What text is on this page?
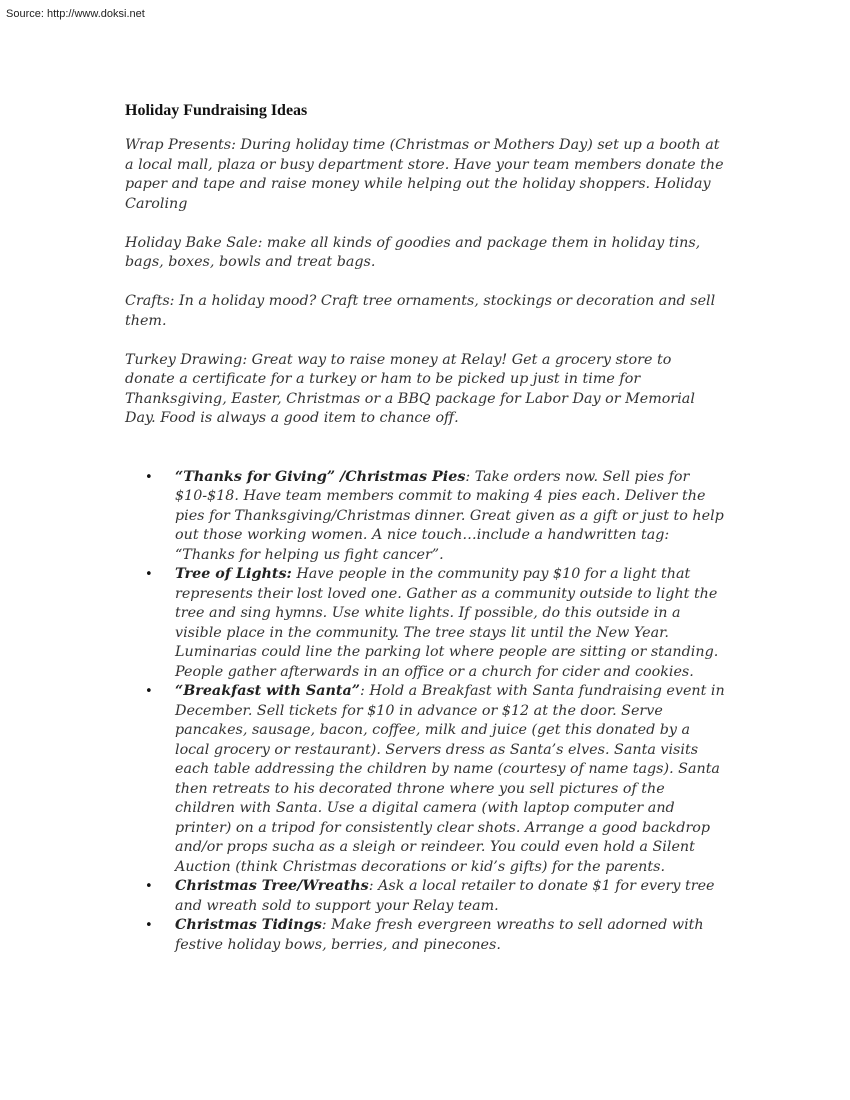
Source: http://www.doksi.net
Holiday Fundraising Ideas

Wrap Presents: During holiday time (Christmas or Mothers Day) set up a booth at a local mall, plaza or busy department store. Have your team members donate the paper and tape and raise money while helping out the holiday shoppers. Holiday Caroling

Holiday Bake Sale: make all kinds of goodies and package them in holiday tins, bags, boxes, bowls and treat bags.

Crafts: In a holiday mood? Craft tree ornaments, stockings or decoration and sell them.

Turkey Drawing: Great way to raise money at Relay! Get a grocery store to donate a certificate for a turkey or ham to be picked up just in time for Thanksgiving, Easter, Christmas or a BBQ package for Labor Day or Memorial Day. Food is always a good item to chance off.

• “Thanks for Giving” /Christmas Pies: Take orders now. Sell pies for $10-$18. Have team members commit to making 4 pies each. Deliver the pies for Thanksgiving/Christmas dinner. Great given as a gift or just to help out those working women. A nice touch…include a handwritten tag: “Thanks for helping us fight cancer”.
• Tree of Lights: Have people in the community pay $10 for a light that represents their lost loved one. Gather as a community outside to light the tree and sing hymns. Use white lights. If possible, do this outside in a visible place in the community. The tree stays lit until the New Year. Luminarias could line the parking lot where people are sitting or standing. People gather afterwards in an office or a church for cider and cookies.
• “Breakfast with Santa”: Hold a Breakfast with Santa fundraising event in December. Sell tickets for $10 in advance or $12 at the door. Serve pancakes, sausage, bacon, coffee, milk and juice (get this donated by a local grocery or restaurant). Servers dress as Santa’s elves. Santa visits each table addressing the children by name (courtesy of name tags). Santa then retreats to his decorated throne where you sell pictures of the children with Santa. Use a digital camera (with laptop computer and printer) on a tripod for consistently clear shots. Arrange a good backdrop and/or props sucha as a sleigh or reindeer. You could even hold a Silent Auction (think Christmas decorations or kid’s gifts) for the parents.
• Christmas Tree/Wreaths: Ask a local retailer to donate $1 for every tree and wreath sold to support your Relay team.
• Christmas Tidings: Make fresh evergreen wreaths to sell adorned with festive holiday bows, berries, and pinecones.
